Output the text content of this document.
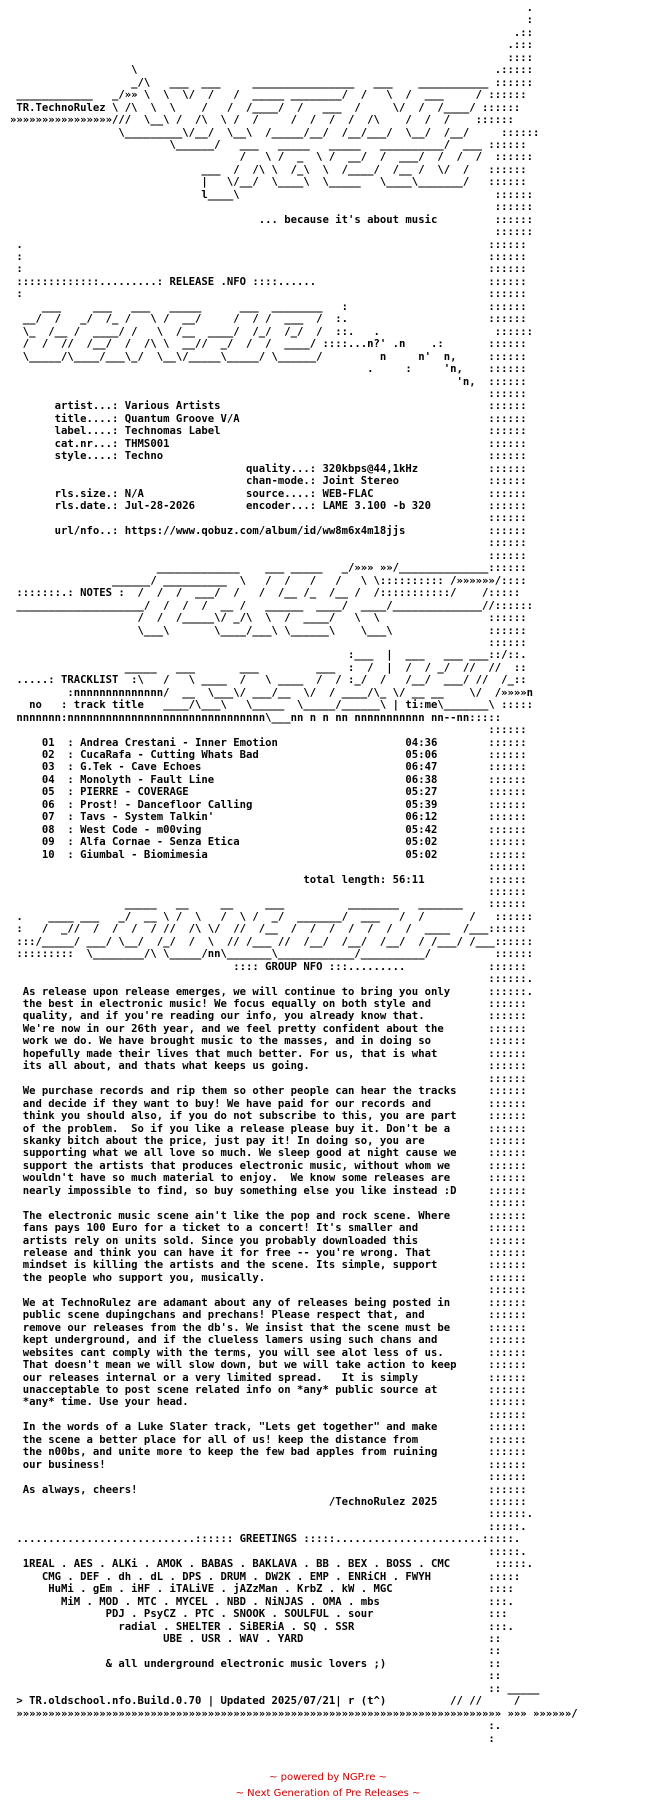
.
:
.::
.:::
::::
\                                                        .:::::
_/\   ___  ___     ________________   ___    ___________ ::::::
____________   _/»» \  \  \/  /   /  _____ ________/  /   \  /  ___     / ::::::
TR.TechnoRulez \ /\  \  \    /   /  /____/  /   ___  /     \/  /  /____/ ::::::
»»»»»»»»»»»»»»»»///  \__\ /  /\  \ /  /     /  /  /  /  /\    /  /  /    ::::::
\_________\/__/  \__\  /_____/__/  /__/___/  \__/  /__/     ::::::
\______/   ___   _____   _____   __________/  ___ ::::::
/   \ /  _  \ /  __/  /  ___/  /  /  /  ::::::
___  /  /\ \  /_\  \  /____/  /__ /  \/  /   ::::::
|   \/__/  \____\  \_____   \____\_______/   ::::::
l____\                                        ::::::
::::::
... because it's about music         ::::::
::::::
.                                                                         ::::::
:                                                                         ::::::
:                                                                         ::::::
:::::::::::::.........: RELEASE .NFO ::::......                           ::::::
:                                                                         ::::::
___     ___   ___   _____      ___  ________   :                      ::::::
__/  /   _/  /_ /   \ /  __/     /  / /  ___  /  :.                      ::::::
\_  /__ /  ____/ /   \  /__  ____/  /_/  /_/  /  ::.   .                  ::::::
/  /  //  /__/  /  /\ \  __//  _/  /  /  ____/ ::::...n?' .n    .:       ::::::
\_____/\____/___\_/  \__\/_____\_____/ \______/         n     n'  n,     ::::::
.     :     'n,    ::::::
'n,  ::::::
::::::
artist...: Various Artists                                          ::::::
title....: Quantum Groove V/A                                       ::::::
label....: Technomas Label                                          ::::::
cat.nr...: THMS001                                                  ::::::
style....: Techno                                                   ::::::
quality...: 320kbps@44,1kHz           ::::::
chan-mode.: Joint Stereo              ::::::
rls.size.: N/A                source....: WEB-FLAC                  ::::::
rls.date.: Jul-28-2026        encoder...: LAME 3.100 -b 320         ::::::
::::::
url/nfo..: https://www.qobuz.com/album/id/ww8m6x4m18jjs             ::::::
::::::
::::::
_____________    ___ _____   _/»»» »»/______________::::::
______/ __________  \   /  /   /   /   \ \:::::::::: /»»»»»»/::::
:::::::.: NOTES :  /  /  /  ___/  /   /  /__ /_  /__ /  /:::::::::::/    /:::::
____________________/  /  /  /  __ /   ______  ____/  ____/______________//::::::
/  /  /_____\/ _/\  \  /  ____/   \  \                 ::::::
\___\       \____/___\ \______\    \___\               ::::::
::::::
:___  |  ___   ___ ___::/::.
_____   ___       ___         ___  :  /  |  /  / _/  //  //  ::
.....: TRACKLIST  :\   /   \ ____  /   \ ____  /  / :_/  /   /__/  ___/ //  /_::
:nnnnnnnnnnnnnn/  __  \___\/ ___/__  \/  / ____/\_ \/ __ __    \/  /»»»»n
no   : track title   ____/\___\   \_____  \_____/______\ | ti:me\_______\ :::::
nnnnnnn:nnnnnnnnnnnnnnnnnnnnnnnnnnnnnnn\___nn n n nn nnnnnnnnnnn nn--nn:::::
::::::
01  : Andrea Crestani - Inner Emotion                    04:36        ::::::
02  : CucaRafa - Cutting Whats Bad                       05:06        ::::::
03  : G.Tek - Cave Echoes                                06:47        ::::::
04  : Monolyth - Fault Line                              06:38        ::::::
05  : PIERRE - COVERAGE                                  05:27        ::::::
06  : Prost! - Dancefloor Calling                        05:39        ::::::
07  : Tavs - System Talkin'                              06:12        ::::::
08  : West Code - m00ving                                05:42        ::::::
09  : Alfa Cornae - Senza Etica                          05:02        ::::::
10  : Giumbal - Biomimesia                               05:02        ::::::
::::::
total length: 56:11          ::::::
::::::
_____   __     __     ___          ________   _______    ::::::
.    ____ ___   _/  __ \ /  \   /  \ /  _/  _______/  ___   /  /       /   ::::::
:   /  _//  /  /  /  / //  /\ \/  //  /__  /  /  /  /  /  /  /  ____  /___::::::
:::/_____/ ___/ \__/  /_/  /  \  // /___ //  /__/  /__/  /__/  / /___/ /___::::::
:::::::::  \________/\ \_____/nn\_______\____________/__________/          ::::::
:::: GROUP NFO :::.........             ::::::
::::::.
As release upon release emerges, we will continue to bring you only      ::::::.
the best in electronic music! We focus equally on both style and         ::::::
quality, and if you're reading our info, you already know that.          ::::::
We're now in our 26th year, and we feel pretty confident about the       ::::::
work we do. We have brought music to the masses, and in doing so         ::::::
hopefully made their lives that much better. For us, that is what        ::::::
its all about, and thats what keeps us going.                            ::::::
::::::
We purchase records and rip them so other people can hear the tracks     ::::::
and decide if they want to buy! We have paid for our records and         ::::::
think you should also, if you do not subscribe to this, you are part     ::::::
of the problem.  So if you like a release please buy it. Don't be a      ::::::
skanky bitch about the price, just pay it! In doing so, you are          ::::::
supporting what we all love so much. We sleep good at night cause we     ::::::
support the artists that produces electronic music, without whom we      ::::::
wouldn't have so much material to enjoy.  We know some releases are      ::::::
nearly impossible to find, so buy something else you like instead :D     ::::::
::::::
The electronic music scene ain't like the pop and rock scene. Where      ::::::
fans pays 100 Euro for a ticket to a concert! It's smaller and           ::::::
artists rely on units sold. Since you probably downloaded this           ::::::
release and think you can have it for free -- you're wrong. That         ::::::
mindset is killing the artists and the scene. Its simple, support        ::::::
the people who support you, musically.                                   ::::::
::::::
We at TechnoRulez are adamant about any of releases being posted in      ::::::
public scene dupingchans and prechans! Please respect that, and          ::::::
remove our releases from the db's. We insist that the scene must be      ::::::
kept underground, and if the clueless lamers using such chans and        ::::::
websites cant comply with the terms, you will see alot less of us.       ::::::
That doesn't mean we will slow down, but we will take action to keep     ::::::
our releases internal or a very limited spread.   It is simply           ::::::
unacceptable to post scene related info on *any* public source at        ::::::
*any* time. Use your head.                                               ::::::
::::::
In the words of a Luke Slater track, "Lets get together" and make        ::::::
the scene a better place for all of us! keep the distance from           ::::::
the n00bs, and unite more to keep the few bad apples from ruining        ::::::
our business!                                                            ::::::
::::::
As always, cheers!                                                       ::::::
/TechnoRulez 2025        ::::::
::::::.
:::::.
............................:::::: GREETINGS :::::.......................:::::.
:::::.
1REAL . AES . ALKi . AMOK . BABAS . BAKLAVA . BB . BEX . BOSS . CMC       :::::.
CMG . DEF . dh . dL . DPS . DRUM . DW2K . EMP . ENRiCH . FWYH         :::::
HuMi . gEm . iHF . iTALiVE . jAZzMan . KrbZ . kW . MGC               ::::
MiM . MOD . MTC . MYCEL . NBD . NiNJAS . OMA . mbs                 :::.
PDJ . PsyCZ . PTC . SNOOK . SOULFUL . sour                  :::
radial . SHELTER . SiBERiA . SQ . SSR                     :::.
UBE . USR . WAV . YARD                             ::
::
& all underground electronic music lovers ;)                ::
::
:: _____
> TR.oldschool.nfo.Build.0.70 | Updated 2025/07/21| r (t^)          // //     /
»»»»»»»»»»»»»»»»»»»»»»»»»»»»»»»»»»»»»»»»»»»»»»»»»»»»»»»»»»»»»»»»»»»»»»»»»»»» »»» »»»»»»/
:.
:
~ powered by NGP.re ~
~ Next Generation of Pre Releases ~
